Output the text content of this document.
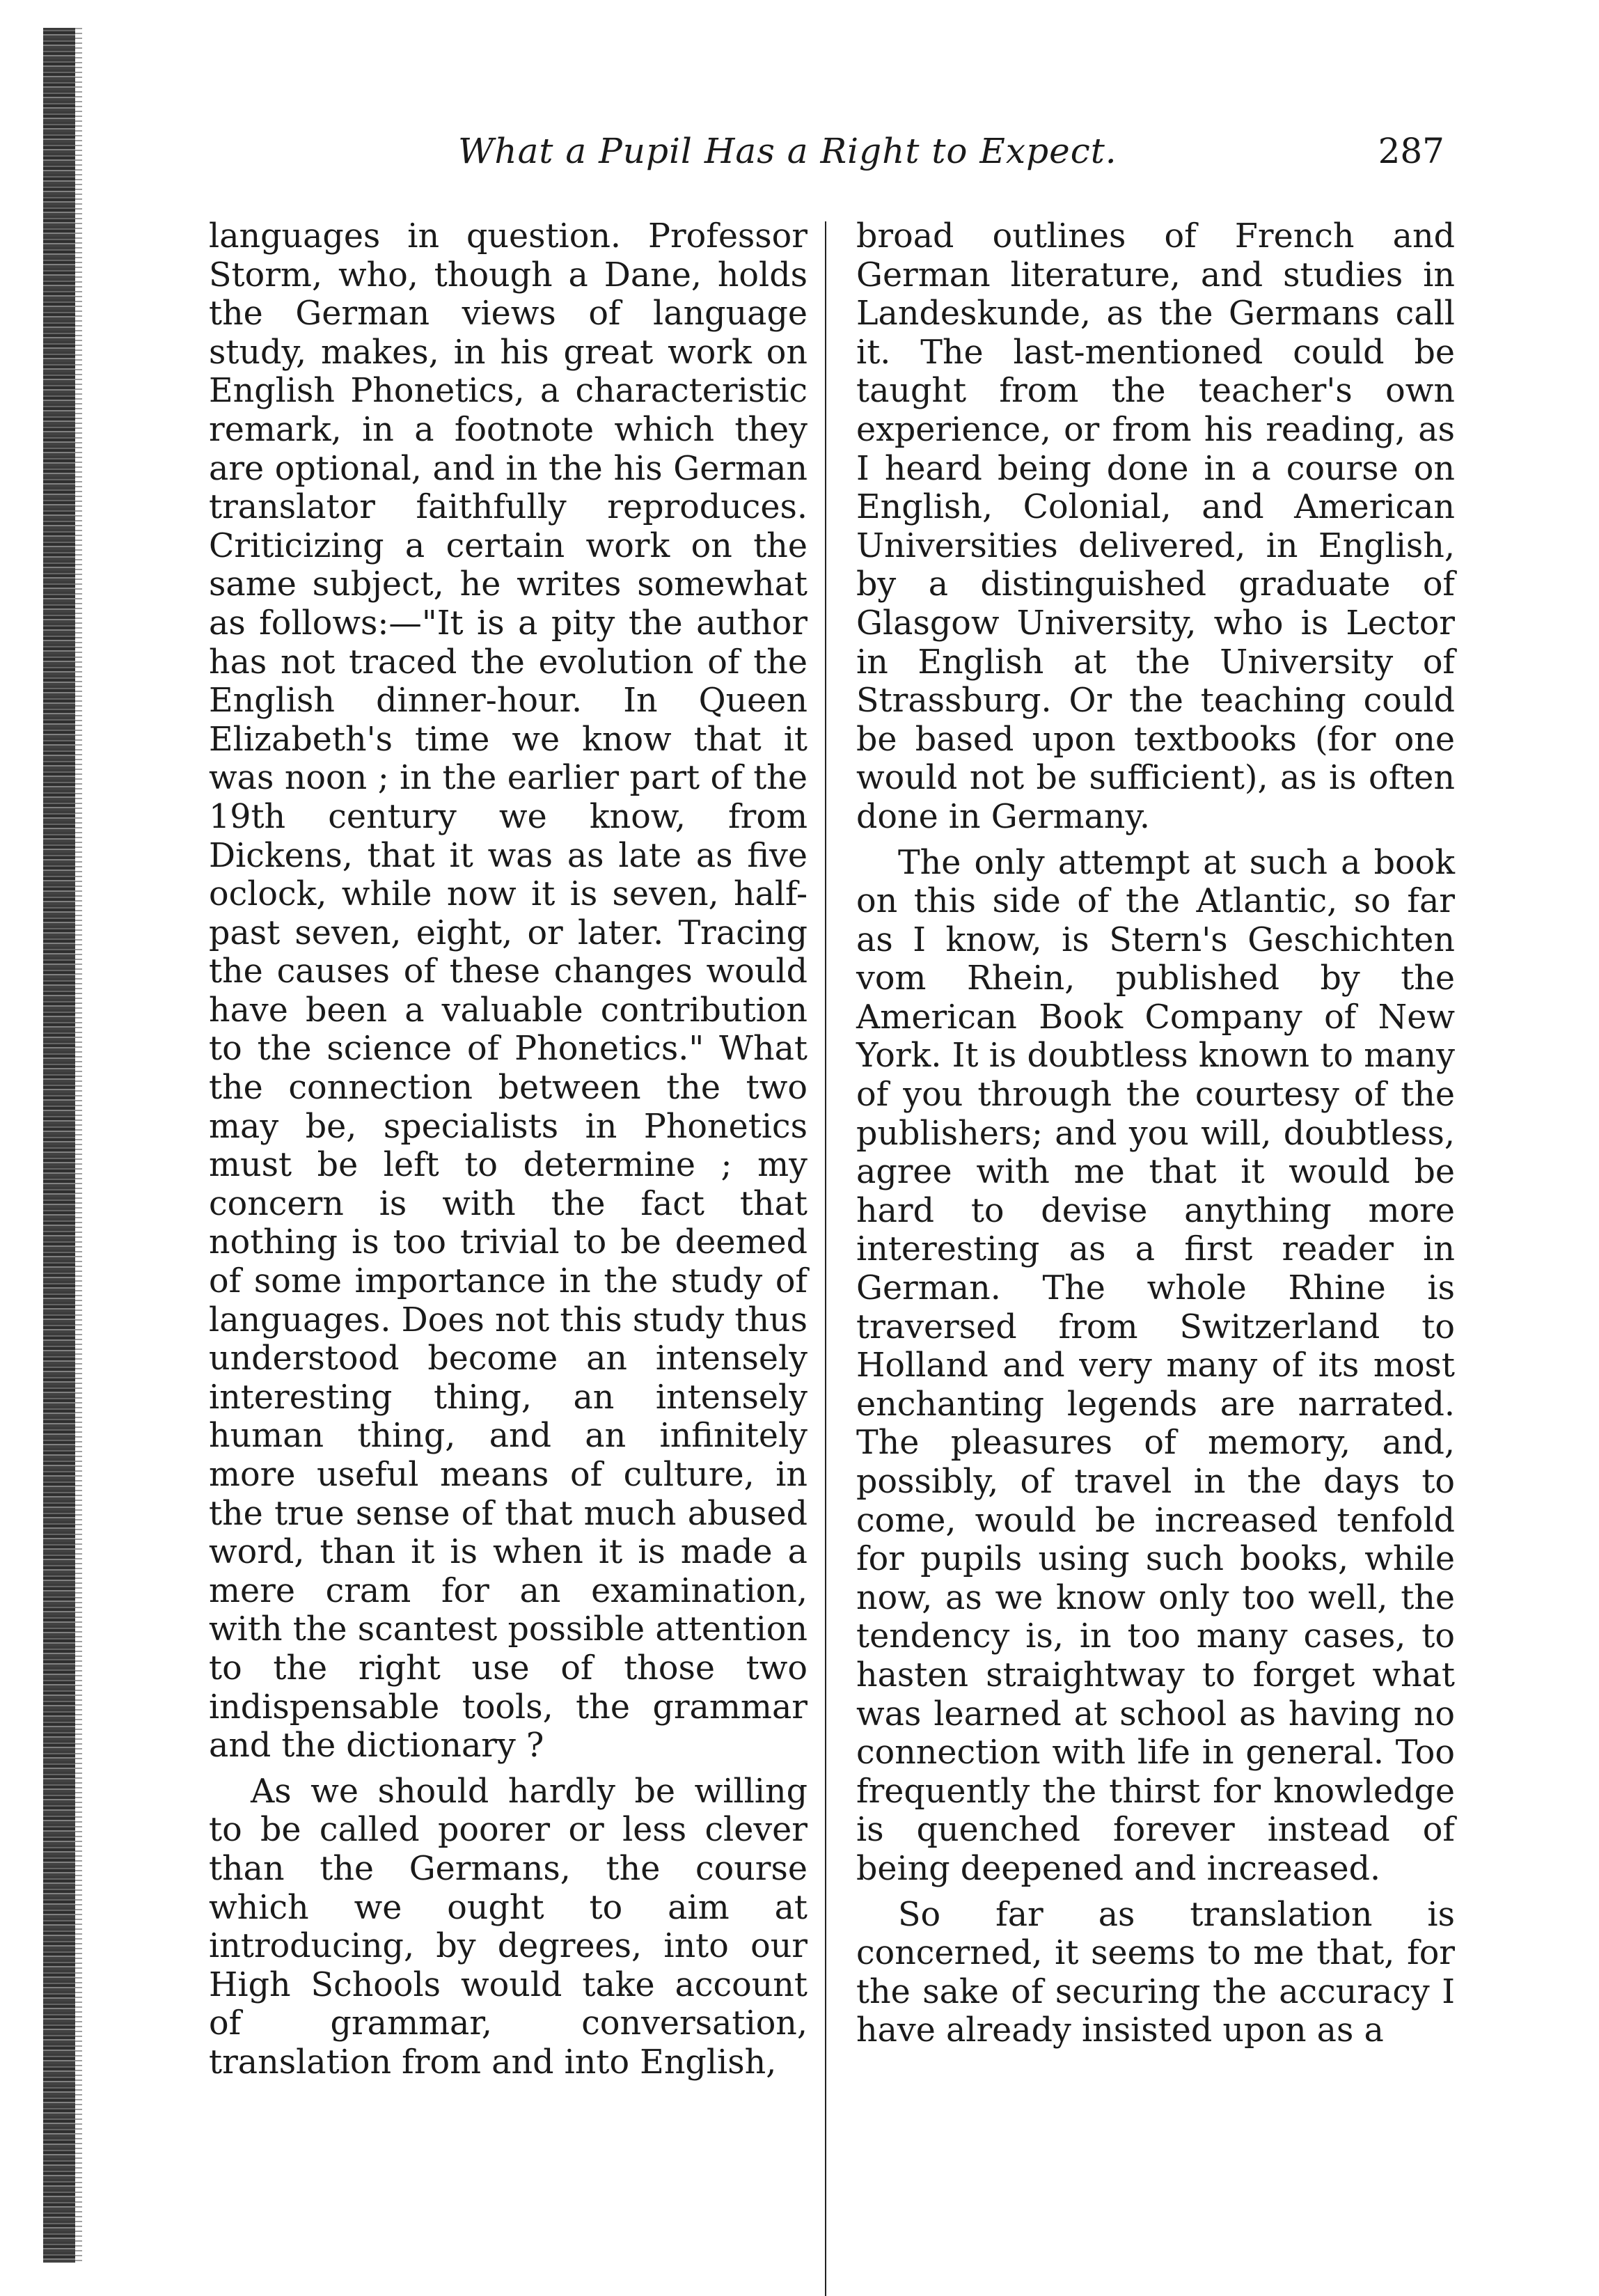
What a Pupil Has a Right to Expect.	287

languages in question. Professor Storm, who, though a Dane, holds the German views of language study, makes, in his great work on English Phonetics, a characteristic remark, in a footnote which they are optional, and in the his German translator faithfully reproduces. Criticizing a certain work on the same subject, he writes somewhat as follows:—"It is a pity the author has not traced the evolution of the English dinner-hour. In Queen Elizabeth's time we know that it was noon ; in the earlier part of the 19th century we know, from Dickens, that it was as late as five oclock, while now it is seven, half-past seven, eight, or later. Tracing the causes of these changes would have been a valuable contribution to the science of Phonetics." What the connection between the two may be, specialists in Phonetics must be left to determine ; my concern is with the fact that nothing is too trivial to be deemed of some importance in the study of languages. Does not this study thus understood become an intensely interesting thing, an intensely human thing, and an infinitely more useful means of culture, in the true sense of that much abused word, than it is when it is made a mere cram for an examination, with the scantest possible attention to the right use of those two indispensable tools, the grammar and the dictionary ?

As we should hardly be willing to be called poorer or less clever than the Germans, the course which we ought to aim at introducing, by degrees, into our High Schools would take account of grammar, conversation, translation from and into English,

broad outlines of French and German literature, and studies in Landeskunde, as the Germans call it. The last-mentioned could be taught from the teacher's own experience, or from his reading, as I heard being done in a course on English, Colonial, and American Universities delivered, in English, by a distinguished graduate of Glasgow University, who is Lector in English at the University of Strassburg. Or the teaching could be based upon textbooks (for one would not be sufficient), as is often done in Germany.

The only attempt at such a book on this side of the Atlantic, so far as I know, is Stern's Geschichten vom Rhein, published by the American Book Company of New York. It is doubtless known to many of you through the courtesy of the publishers; and you will, doubtless, agree with me that it would be hard to devise anything more interesting as a first reader in German. The whole Rhine is traversed from Switzerland to Holland and very many of its most enchanting legends are narrated. The pleasures of memory, and, possibly, of travel in the days to come, would be increased tenfold for pupils using such books, while now, as we know only too well, the tendency is, in too many cases, to hasten straightway to forget what was learned at school as having no connection with life in general. Too frequently the thirst for knowledge is quenched forever instead of being deepened and increased.

So far as translation is concerned, it seems to me that, for the sake of securing the accuracy I have already insisted upon as a
